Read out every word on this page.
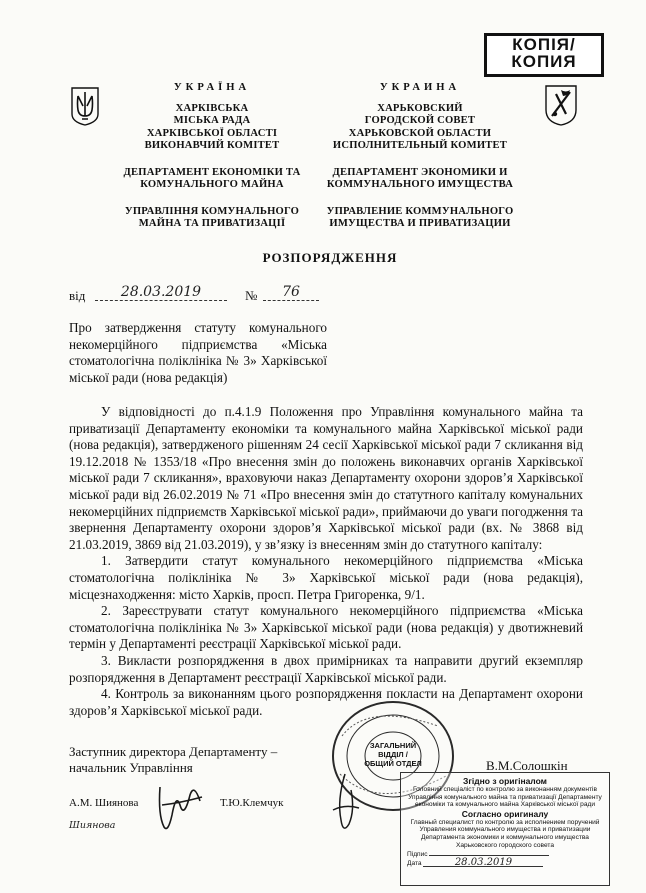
КОПІЯ/
КОПИЯ
УКРАЇНА
ХАРКІВСЬКА
МІСЬКА РАДА
ХАРКІВСЬКОЇ ОБЛАСТІ
ВИКОНАВЧИЙ КОМІТЕТ
ДЕПАРТАМЕНТ ЕКОНОМІКИ ТА
КОМУНАЛЬНОГО МАЙНА
УПРАВЛІННЯ КОМУНАЛЬНОГО
МАЙНА ТА ПРИВАТИЗАЦІЇ
УКРАИНА
ХАРЬКОВСКИЙ
ГОРОДСКОЙ СОВЕТ
ХАРЬКОВСКОЙ ОБЛАСТИ
ИСПОЛНИТЕЛЬНЫЙ КОМИТЕТ
ДЕПАРТАМЕНТ ЭКОНОМИКИ И
КОММУНАЛЬНОГО ИМУЩЕСТВА
УПРАВЛЕНИЕ КОММУНАЛЬНОГО
ИМУЩЕСТВА И ПРИВАТИЗАЦИИ
РОЗПОРЯДЖЕННЯ
від	28.03.2019	№	76
Про затвердження статуту комунального некомерційного підприємства «Міська стоматологічна поліклініка № 3» Харківської міської ради (нова редакція)

У відповідності до п.4.1.9 Положення про Управління комунального майна та приватизації Департаменту економіки та комунального майна Харківської міської ради (нова редакція), затвердженого рішенням 24 сесії Харківської міської ради 7 скликання від 19.12.2018 № 1353/18 «Про внесення змін до положень виконавчих органів Харківської міської ради 7 скликання», враховуючи наказ Департаменту охорони здоров’я Харківської міської ради від 26.02.2019 № 71 «Про внесення змін до статутного капіталу комунальних некомерційних підприємств Харківської міської ради», приймаючи до уваги погодження та звернення Департаменту охорони здоров’я Харківської міської ради (вх. № 3868 від 21.03.2019, 3869 від 21.03.2019), у зв’язку із внесенням змін до статутного капіталу:

1. Затвердити статут комунального некомерційного підприємства «Міська стоматологічна поліклініка № 3» Харківської міської ради (нова редакція), місцезнаходження: місто Харків, просп. Петра Григоренка, 9/1.

2. Зареєструвати статут комунального некомерційного підприємства «Міська стоматологічна поліклініка № 3» Харківської міської ради (нова редакція) у двотижневий термін у Департаменті реєстрації Харківської міської ради.

3. Викласти розпорядження в двох примірниках та направити другий екземпляр розпорядження в Департамент реєстрації Харківської міської ради.

4. Контроль за виконанням цього розпорядження покласти на Департамент охорони здоров’я Харківської міської ради.

ЗАГАЛЬНИЙ
ВІДДІЛ /
ОБЩИЙ ОТДЕЛ
Заступник директора Департаменту –
начальник Управління	В.М.Солошкін
А.М. Шиянова	Т.Ю.Клемчук
Шиянова
Згідно з оригіналом
Головний спеціаліст по контролю за виконанням документів Управління комунального майна та приватизації Департаменту економіки та комунального майна Харківської міської ради
Согласно оригиналу
Главный специалист по контролю за исполнением поручений Управления коммунального имущества и приватизации Департамента экономики и коммунального имущества Харьковского городского совета
Підпис
Дата	28.03.2019
